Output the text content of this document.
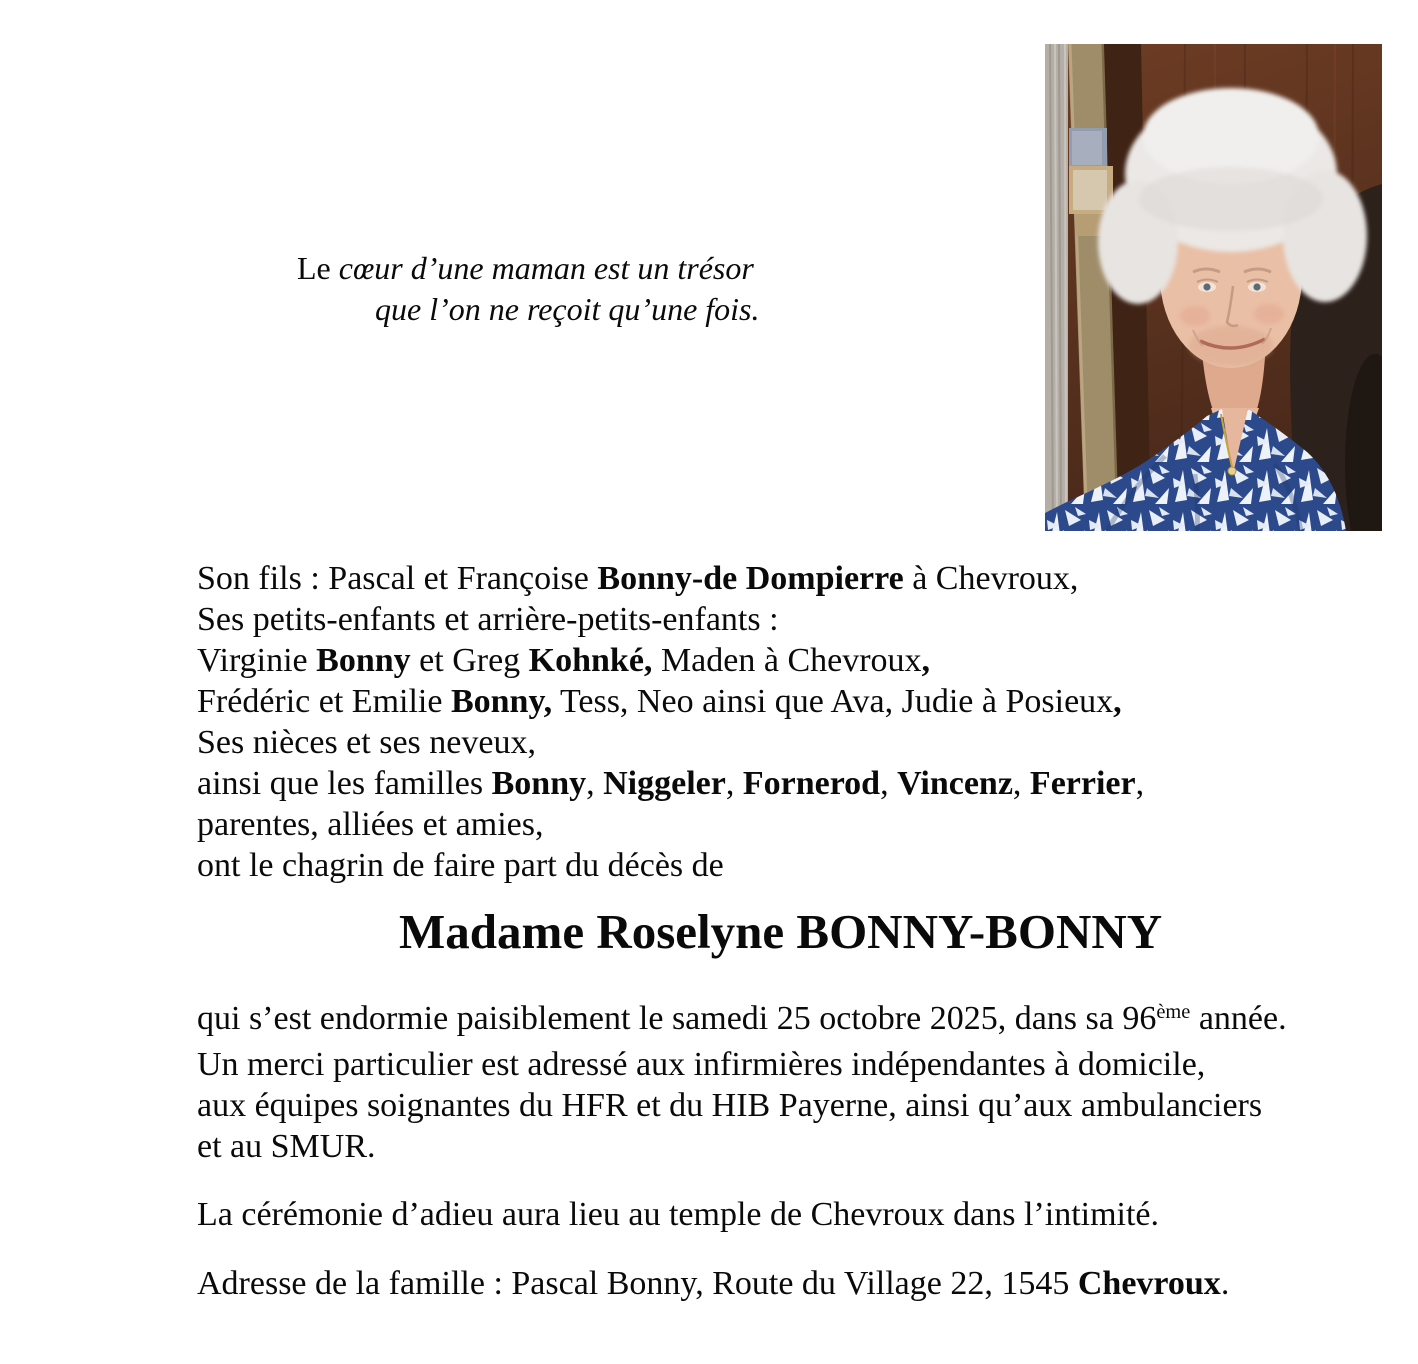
Le cœur d’une maman est un trésor
que l’on ne reçoit qu’une fois.
Son fils : Pascal et Françoise Bonny-de Dompierre à Chevroux,
Ses petits-enfants et arrière-petits-enfants :
Virginie Bonny et Greg Kohnké, Maden à Chevroux,
Frédéric et Emilie Bonny, Tess, Neo ainsi que Ava, Judie à Posieux,
Ses nièces et ses neveux,
ainsi que les familles Bonny, Niggeler, Fornerod, Vincenz, Ferrier,
parentes, alliées et amies,
ont le chagrin de faire part du décès de
Madame Roselyne BONNY-BONNY
qui s’est endormie paisiblement le samedi 25 octobre 2025, dans sa 96ème année.
Un merci particulier est adressé aux infirmières indépendantes à domicile,
aux équipes soignantes du HFR et du HIB Payerne, ainsi qu’aux ambulanciers
et au SMUR.
La cérémonie d’adieu aura lieu au temple de Chevroux dans l’intimité.
Adresse de la famille : Pascal Bonny, Route du Village 22, 1545 Chevroux.
